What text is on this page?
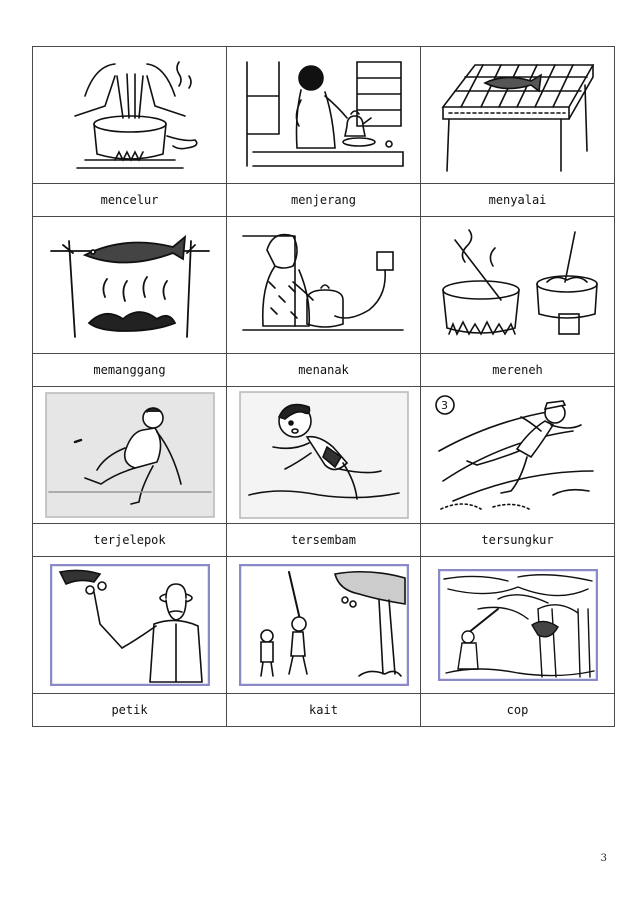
mencelur	menjerang	menyalai

memanggang	menanak	mereneh

3

terjelepok	tersembam	tersungkur

petik	kait	cop
3
